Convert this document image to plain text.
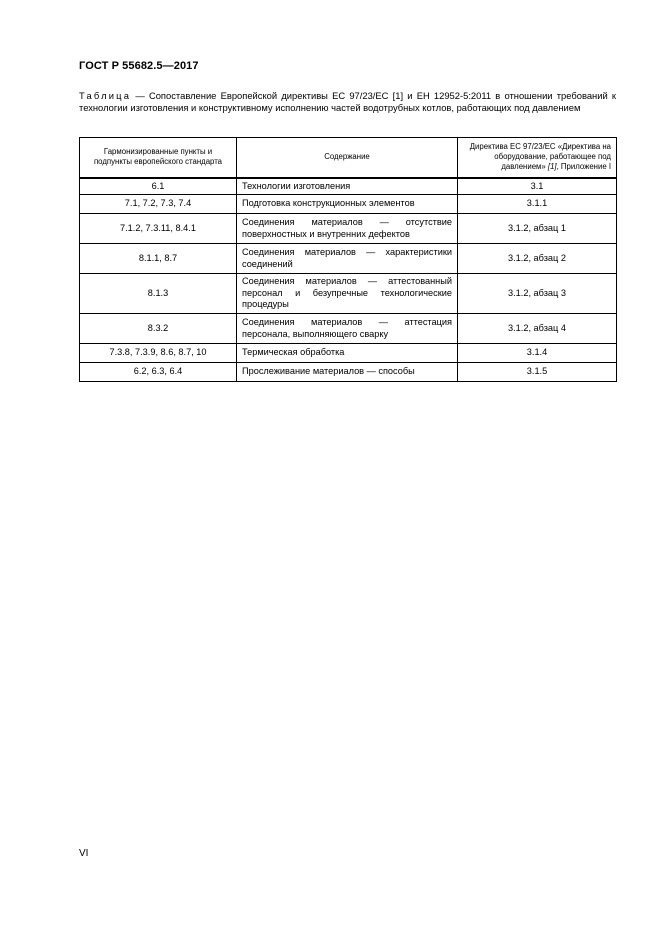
ГОСТ Р 55682.5—2017
Таблица — Сопоставление Европейской директивы ЕС 97/23/ЕС [1] и ЕН 12952-5:2011 в отношении требований к технологии изготовления и конструктивному исполнению частей водотрубных котлов, работающих под давлением
Гармонизированные пункты и подпункты европейского стандарта	Содержание	Директива ЕС 97/23/ЕС «Директива на оборудование, работающее под давлением» [1], Приложение I
6.1	Технологии изготовления	3.1
7.1, 7.2, 7.3, 7.4	Подготовка конструкционных элементов	3.1.1
7.1.2, 7.3.11, 8.4.1	Соединения материалов — отсутствие поверхностных и внутренних дефектов	3.1.2, абзац 1
8.1.1, 8.7	Соединения материалов — характеристики соединений	3.1.2, абзац 2
8.1.3	Соединения материалов — аттестованный персонал и безупречные технологические процедуры	3.1.2, абзац 3
8.3.2	Соединения материалов — аттестация персонала, выполняющего сварку	3.1.2, абзац 4
7.3.8, 7.3.9, 8.6, 8.7, 10	Термическая обработка	3.1.4
6.2, 6.3, 6.4	Прослеживание материалов — способы	3.1.5
VI
